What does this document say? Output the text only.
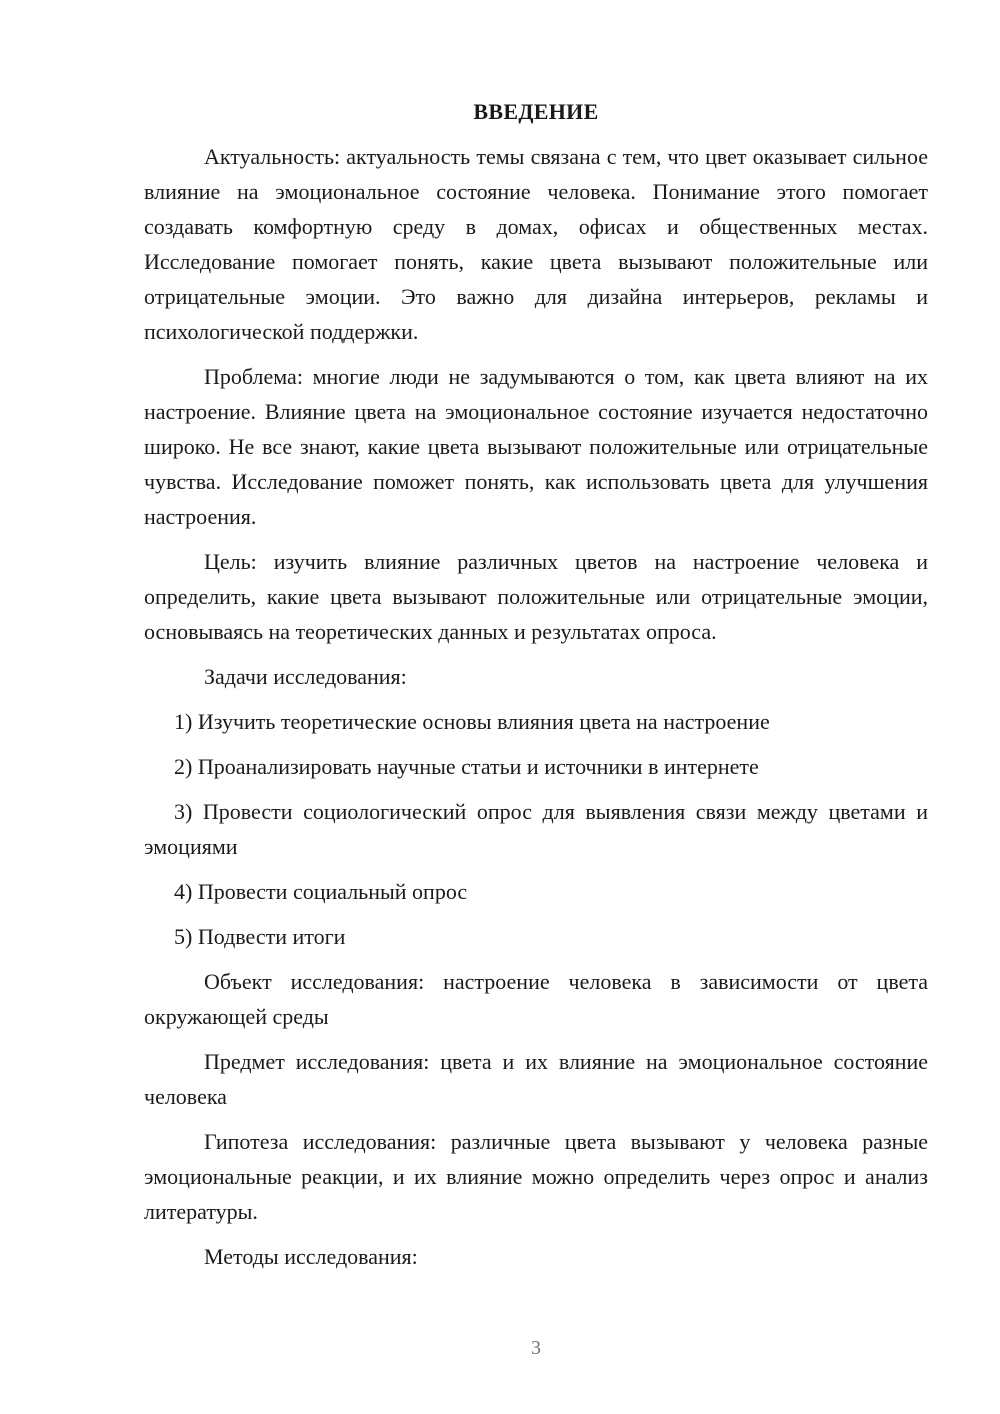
ВВЕДЕНИЕ

Актуальность: актуальность темы связана с тем, что цвет оказывает сильное влияние на эмоциональное состояние человека. Понимание этого помогает создавать комфортную среду в домах, офисах и общественных местах. Исследование помогает понять, какие цвета вызывают положительные или отрицательные эмоции. Это важно для дизайна интерьеров, рекламы и психологической поддержки.

Проблема: многие люди не задумываются о том, как цвета влияют на их настроение. Влияние цвета на эмоциональное состояние изучается недостаточно широко. Не все знают, какие цвета вызывают положительные или отрицательные чувства. Исследование поможет понять, как использовать цвета для улучшения настроения.

Цель: изучить влияние различных цветов на настроение человека и определить, какие цвета вызывают положительные или отрицательные эмоции, основываясь на теоретических данных и результатах опроса.

Задачи исследования:

1) Изучить теоретические основы влияния цвета на настроение

2) Проанализировать научные статьи и источники в интернете

3) Провести социологический опрос для выявления связи между цветами и эмоциями

4) Провести социальный опрос

5) Подвести итоги

Объект исследования: настроение человека в зависимости от цвета окружающей среды

Предмет исследования: цвета и их влияние на эмоциональное состояние человека

Гипотеза исследования: различные цвета вызывают у человека разные эмоциональные реакции, и их влияние можно определить через опрос и анализ литературы.

Методы исследования:

3
